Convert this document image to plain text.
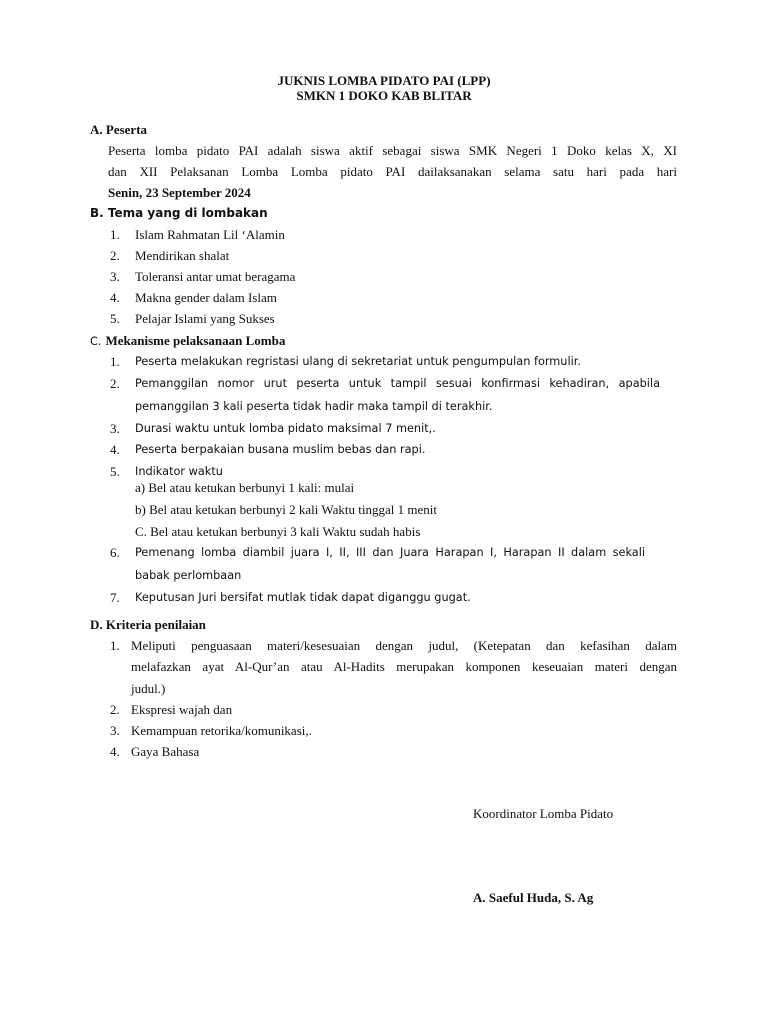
JUKNIS LOMBA PIDATO PAI (LPP)
SMKN 1 DOKO KAB BLITAR
A. Peserta
Peserta lomba pidato PAI adalah siswa aktif sebagai siswa SMK Negeri 1 Doko kelas X, XI
dan XII Pelaksanan Lomba Lomba pidato PAI dailaksanakan selama satu hari pada hari
Senin, 23 September 2024
B. Tema yang di lombakan
1. Islam Rahmatan Lil ‘Alamin
2. Mendirikan shalat
3. Toleransi antar umat beragama
4. Makna gender dalam Islam
5. Pelajar Islami yang Sukses
C. Mekanisme pelaksanaan Lomba
1. Peserta melakukan regristasi ulang di sekretariat untuk pengumpulan formulir.
2. Pemanggilan nomor urut peserta untuk tampil sesuai konfirmasi kehadiran, apabila
pemanggilan 3 kali peserta tidak hadir maka tampil di terakhir.
3. Durasi waktu untuk lomba pidato maksimal 7 menit,.
4. Peserta berpakaian busana muslim bebas dan rapi.
5. Indikator waktu
a) Bel atau ketukan berbunyi 1 kali: mulai
b) Bel atau ketukan berbunyi 2 kali Waktu tinggal 1 menit
C. Bel atau ketukan berbunyi 3 kali Waktu sudah habis
6. Pemenang lomba diambil juara I, II, III dan Juara Harapan I, Harapan II dalam sekali
babak perlombaan
7. Keputusan Juri bersifat mutlak tidak dapat diganggu gugat.
D. Kriteria penilaian
1. Meliputi penguasaan materi/kesesuaian dengan judul, (Ketepatan dan kefasihan dalam
melafazkan ayat Al-Qur’an atau Al-Hadits merupakan komponen keseuaian materi dengan
judul.)
2. Ekspresi wajah dan
3. Kemampuan retorika/komunikasi,.
4. Gaya Bahasa
Koordinator Lomba Pidato
A. Saeful Huda, S. Ag
